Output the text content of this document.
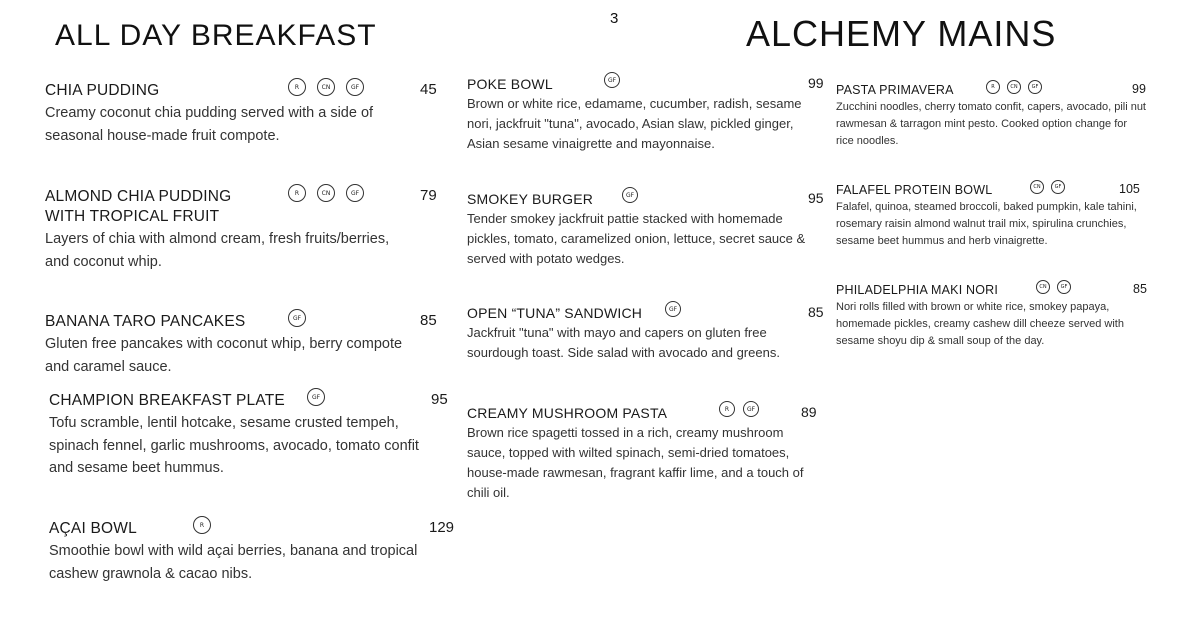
3
ALL DAY BREAKFAST	ALCHEMY MAINS
CHIA PUDDING	R	CN	GF	45

Creamy coconut chia pudding served with a side of seasonal house-made fruit compote.

ALMOND CHIA PUDDING WITH TROPICAL FRUIT
R	CN	GF	79

Layers of chia with almond cream, fresh fruits/berries, and coconut whip.

BANANA TARO PANCAKES	GF	85

Gluten free pancakes with coconut whip, berry compote and caramel sauce.

CHAMPION BREAKFAST PLATE	GF	95

Tofu scramble, lentil hotcake, sesame crusted tempeh, spinach fennel, garlic mushrooms, avocado, tomato confit and sesame beet hummus.

AÇAI BOWL	R	129

Smoothie bowl with wild açai berries, banana and tropical cashew grawnola & cacao nibs.

POKE BOWL	GF	99

Brown or white rice, edamame, cucumber, radish, sesame nori, jackfruit "tuna", avocado, Asian slaw, pickled ginger, Asian sesame vinaigrette and mayonnaise.

SMOKEY BURGER	GF	95

Tender smokey jackfruit pattie stacked with homemade pickles, tomato, caramelized onion, lettuce, secret sauce & served with potato wedges.

OPEN “TUNA” SANDWICH	GF	85

Jackfruit "tuna" with mayo and capers on gluten free sourdough toast. Side salad with avocado and greens.

CREAMY MUSHROOM PASTA	R	GF	89

Brown rice spagetti tossed in a rich, creamy mushroom sauce, topped with wilted spinach, semi-dried tomatoes, house-made rawmesan, fragrant kaffir lime, and a touch of chili oil.

PASTA PRIMAVERA	R	CN	GF	99

Zucchini noodles, cherry tomato confit, capers, avocado, pili nut rawmesan & tarragon mint pesto. Cooked option change for rice noodles.

FALAFEL PROTEIN BOWL	CN	GF	105

Falafel, quinoa, steamed broccoli, baked pumpkin, kale tahini, rosemary raisin almond walnut trail mix, spirulina crunchies, sesame beet hummus and herb vinaigrette.

PHILADELPHIA MAKI NORI	CN	GF	85

Nori rolls filled with brown or white rice, smokey papaya, homemade pickles, creamy cashew dill cheeze served with sesame shoyu dip & small soup of the day.
